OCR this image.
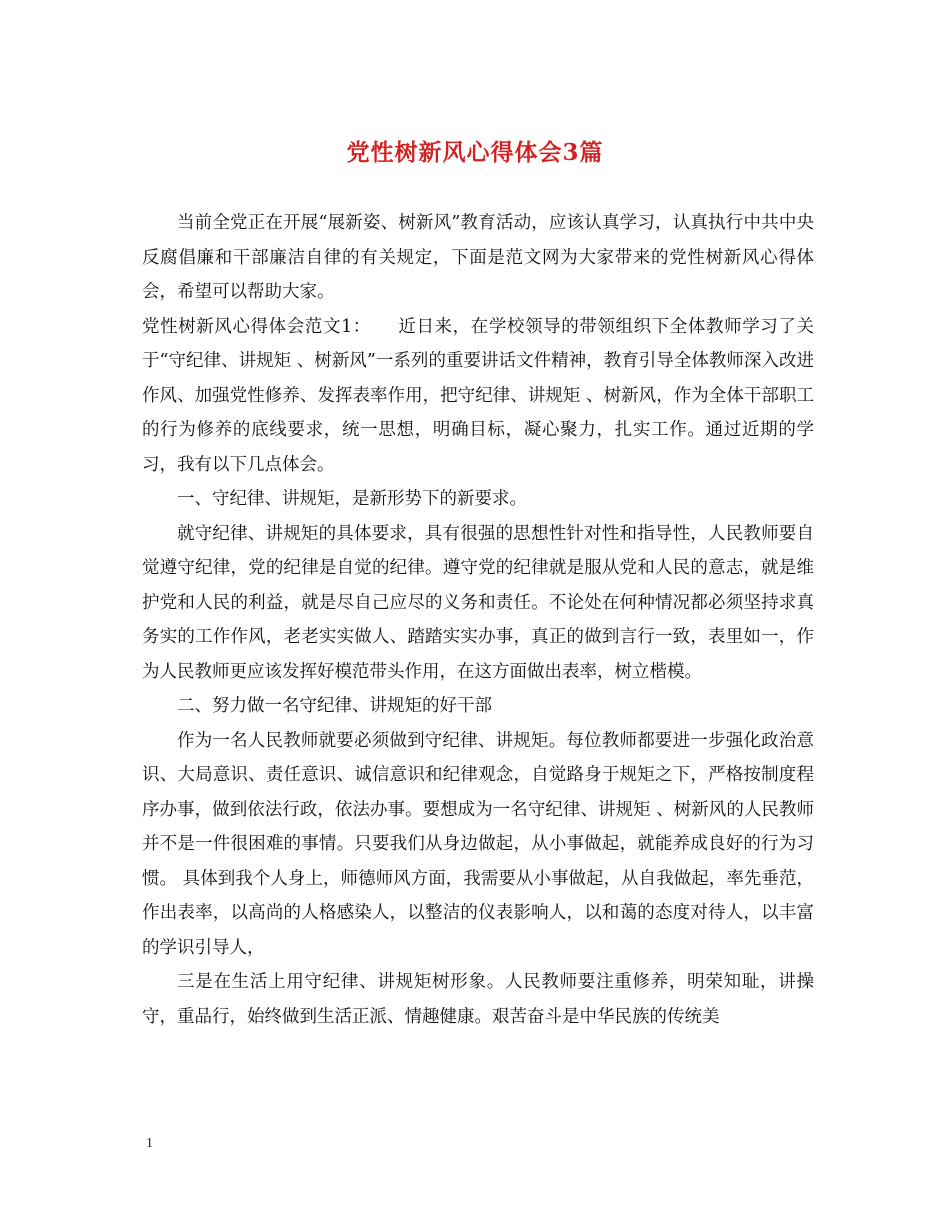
党性树新风心得体会3篇

当前全党正在开展“展新姿、树新风”教育活动，应该认真学习，认真执行中共中央反腐倡廉和干部廉洁自律的有关规定，下面是范文网为大家带来的党性树新风心得体会，希望可以帮助大家。

党性树新风心得体会范文1：　　近日来，在学校领导的带领组织下全体教师学习了关于“守纪律、讲规矩 、树新风”一系列的重要讲话文件精神，教育引导全体教师深入改进作风、加强党性修养、发挥表率作用，把守纪律、讲规矩 、树新风，作为全体干部职工的行为修养的底线要求，统一思想，明确目标，凝心聚力，扎实工作。通过近期的学习，我有以下几点体会。

一、守纪律、讲规矩，是新形势下的新要求。

就守纪律、讲规矩的具体要求，具有很强的思想性针对性和指导性，人民教师要自觉遵守纪律，党的纪律是自觉的纪律。遵守党的纪律就是服从党和人民的意志，就是维护党和人民的利益，就是尽自己应尽的义务和责任。不论处在何种情况都必须坚持求真务实的工作作风，老老实实做人、踏踏实实办事，真正的做到言行一致，表里如一，作为人民教师更应该发挥好模范带头作用，在这方面做出表率，树立楷模。

二、努力做一名守纪律、讲规矩的好干部

作为一名人民教师就要必须做到守纪律、讲规矩。每位教师都要进一步强化政治意识、大局意识、责任意识、诚信意识和纪律观念，自觉路身于规矩之下，严格按制度程序办事，做到依法行政，依法办事。要想成为一名守纪律、讲规矩 、树新风的人民教师并不是一件很困难的事情。只要我们从身边做起，从小事做起，就能养成良好的行为习惯。 具体到我个人身上，师德师风方面，我需要从小事做起，从自我做起，率先垂范，作出表率，以高尚的人格感染人，以整洁的仪表影响人，以和蔼的态度对待人，以丰富的学识引导人，

三是在生活上用守纪律、讲规矩树形象。人民教师要注重修养，明荣知耻，讲操守，重品行，始终做到生活正派、情趣健康。艰苦奋斗是中华民族的传统美

1
